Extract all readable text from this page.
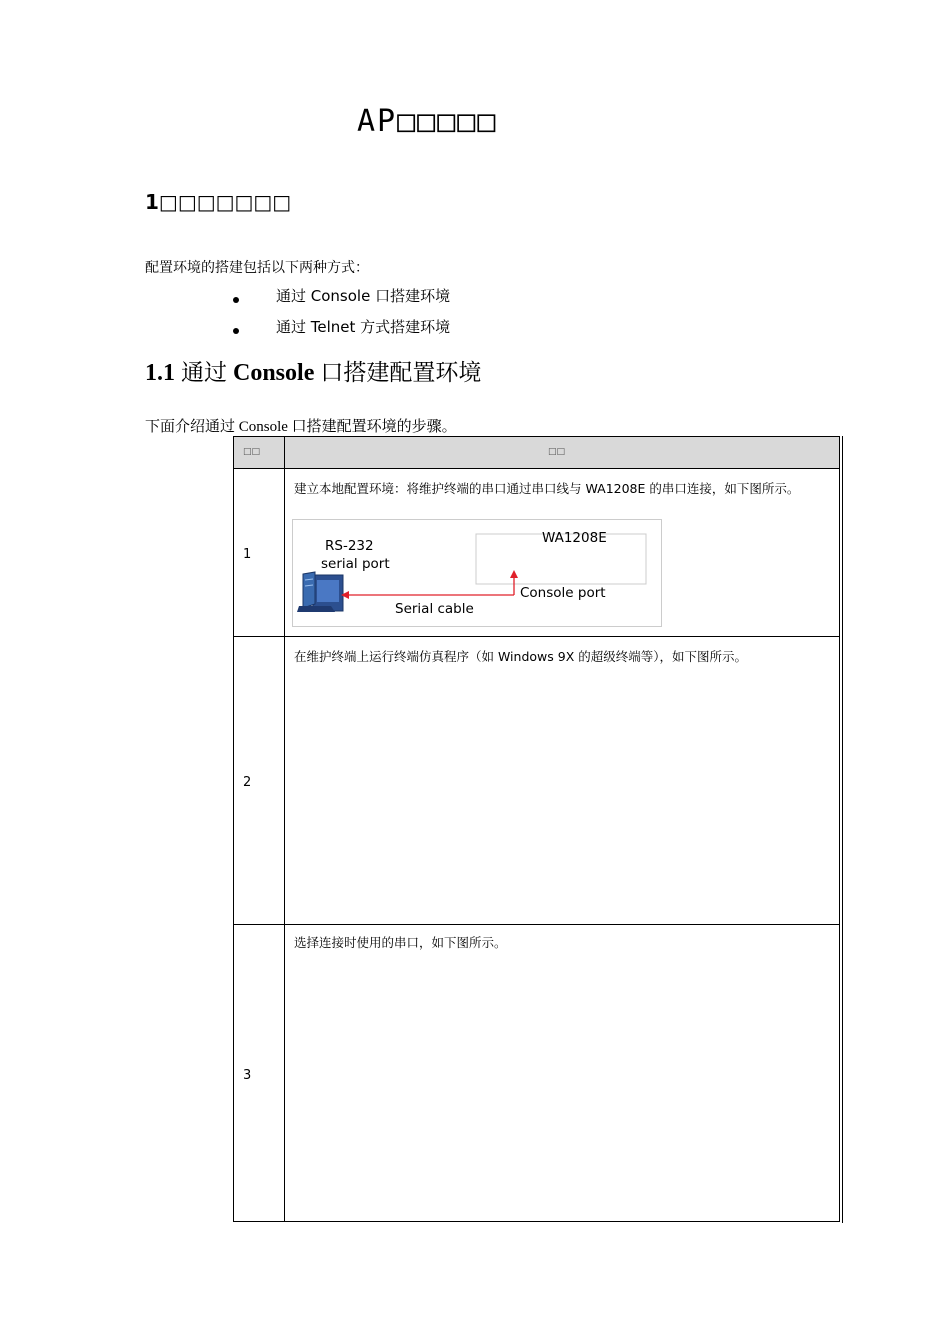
AP□□□□□
1□□□□□□□
配置环境的搭建包括以下两种方式：
通过 Console 口搭建环境
通过 Telnet 方式搭建环境
1.1 通过 Console 口搭建配置环境
下面介绍通过 Console 口搭建配置环境的步骤。
□□	□□
1
建立本地配置环境：将维护终端的串口通过串口线与 WA1208E 的串口连接，如下图所示。
RS-232
serial port
WA1208E
Console port
Serial cable
2
在维护终端上运行终端仿真程序（如 Windows 9X 的超级终端等），如下图所示。
3
选择连接时使用的串口，如下图所示。
